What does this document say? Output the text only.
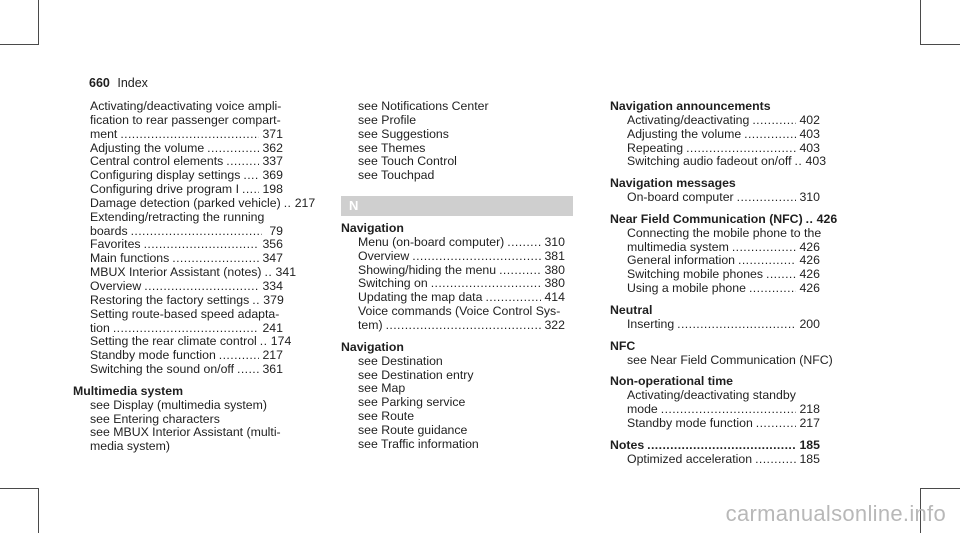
660 Index
Activating/deactivating voice ampli-
fication to rear passenger compart-
ment .....	371
Adjusting the volume .....	362
Central control elements .....	337
Configuring display settings ..... 369
Configuring drive program I ..... 198
Damage detection (parked vehicle) ..... 217
Extending/retracting the running
boards .....	79
Favorites .....	356
Main functions .....	347
MBUX Interior Assistant (notes) ..... 341
Overview .....	334
Restoring the factory settings ..... 379
Setting route-based speed adapta-
tion .....	241
Setting the rear climate control ..... 174
Standby mode function .....	217
Switching the sound on/off ..... 361
Multimedia system
see Display (multimedia system)
see Entering characters
see MBUX Interior Assistant (multi-
media system)
see Notifications Center
see Profile
see Suggestions
see Themes
see Touch Control
see Touchpad
N
Navigation
Menu (on-board computer) .....	310
Overview .....	381
Showing/hiding the menu .....	380
Switching on .....	380
Updating the map data .....	414
Voice commands (Voice Control Sys-
tem) .....	322
Navigation
see Destination
see Destination entry
see Map
see Parking service
see Route
see Route guidance
see Traffic information
Navigation announcements
Activating/deactivating .....	402
Adjusting the volume .....	403
Repeating .....	403
Switching audio fadeout on/off ..... 403
Navigation messages
On-board computer .....	310
Near Field Communication (NFC) ..... 426
Connecting the mobile phone to the
multimedia system .....	426
General information .....	426
Switching mobile phones .....	426
Using a mobile phone .....	426
Neutral
Inserting .....	200
NFC
see Near Field Communication (NFC)
Non-operational time
Activating/deactivating standby
mode .....	218
Standby mode function .....	217
Notes .....	185
Optimized acceleration .....	185
carmanualsonline.info
